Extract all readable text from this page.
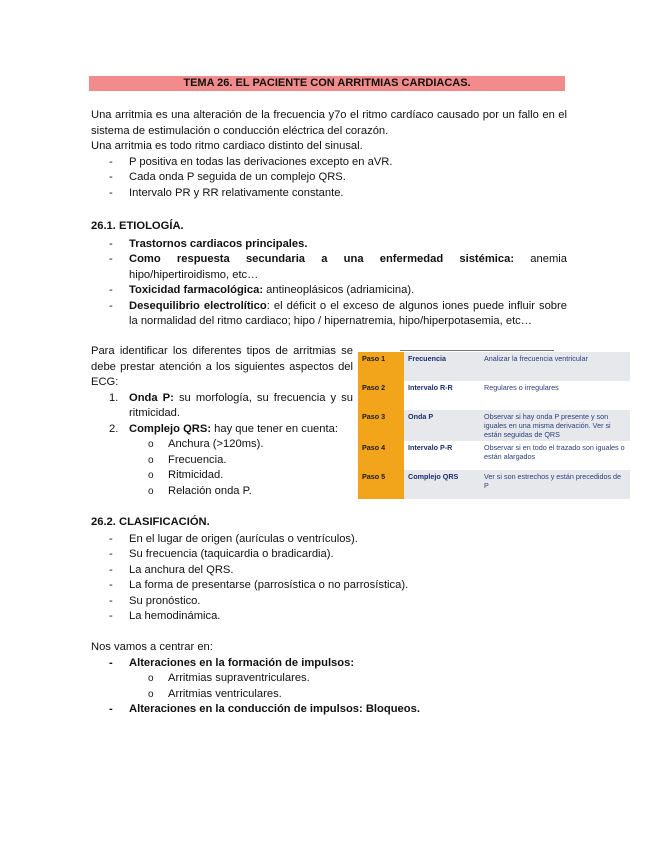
TEMA 26. EL PACIENTE CON ARRITMIAS CARDIACAS.

Una arritmia es una alteración de la frecuencia y7o el ritmo cardíaco causado por un fallo en el sistema de estimulación o conducción eléctrica del corazón.

Una arritmia es todo ritmo cardiaco distinto del sinusal.

- P positiva en todas las derivaciones excepto en aVR.
- Cada onda P seguida de un complejo QRS.
- Intervalo PR y RR relativamente constante.

26.1. ETIOLOGÍA.

- Trastornos cardiacos principales.
- Como respuesta secundaria a una enfermedad sistémica: anemia hipo/hipertiroidismo, etc…
- Toxicidad farmacológica: antineoplásicos (adriamicina).
- Desequilibrio electrolítico: el déficit o el exceso de algunos iones puede influir sobre la normalidad del ritmo cardiaco; hipo / hipernatremia, hipo/hiperpotasemia, etc…

Para identificar los diferentes tipos de arritmias se debe prestar atención a los siguientes aspectos del ECG:

1. Onda P: su morfología, su frecuencia y su ritmicidad.
2. Complejo QRS: hay que tener en cuenta:
o Anchura (>120ms).
o Frecuencia.
o Ritmicidad.
o Relación onda P.
Paso 1	Frecuencia	Analizar la frecuencia ventricular
Paso 2	Intervalo R-R	Regulares o irregulares
Paso 3	Onda P	Observar si hay onda P presente y son iguales en una misma derivación. Ver si están seguidas de QRS
Paso 4	Intervalo P-R	Observar si en todo el trazado son iguales o están alargados
Paso 5	Complejo QRS	Ver si son estrechos y están precedidos de P

26.2. CLASIFICACIÓN.

- En el lugar de origen (aurículas o ventrículos).
- Su frecuencia (taquicardia o bradicardia).
- La anchura del QRS.
- La forma de presentarse (parrosística o no parrosística).
- Su pronóstico.
- La hemodinámica.

Nos vamos a centrar en:

- Alteraciones en la formación de impulsos:
o Arritmias supraventriculares.
o Arritmias ventriculares.
- Alteraciones en la conducción de impulsos: Bloqueos.
